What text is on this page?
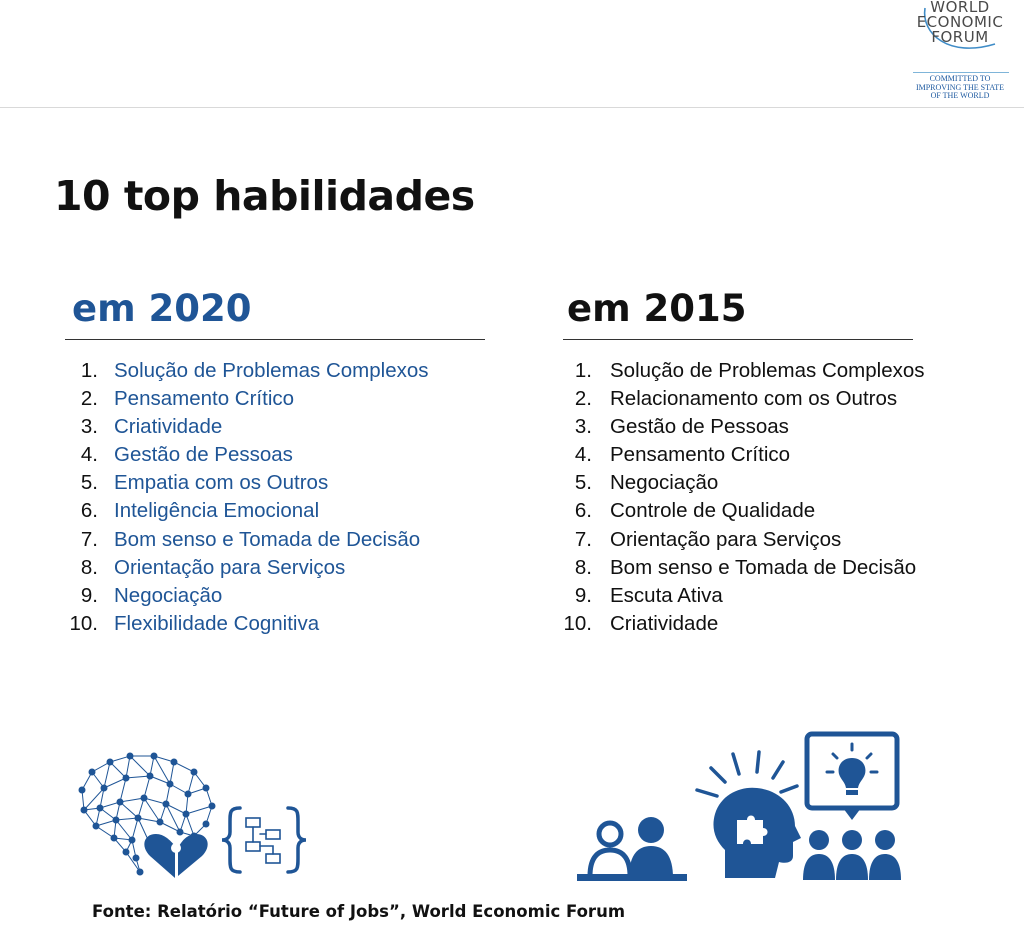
WORLD
ECONOMIC
FORUM
COMMITTED TO
IMPROVING THE STATE
OF THE WORLD
10 top habilidades
em 2020
1. Solução de Problemas Complexos
2. Pensamento Crítico
3. Criatividade
4. Gestão de Pessoas
5. Empatia com os Outros
6. Inteligência Emocional
7. Bom senso e Tomada de Decisão
8. Orientação para Serviços
9. Negociação
10. Flexibilidade Cognitiva
em 2015
1. Solução de Problemas Complexos
2. Relacionamento com os Outros
3. Gestão de Pessoas
4. Pensamento Crítico
5. Negociação
6. Controle de Qualidade
7. Orientação para Serviços
8. Bom senso e Tomada de Decisão
9. Escuta Ativa
10. Criatividade

Fonte: Relatório “Future of Jobs”, World Economic Forum
